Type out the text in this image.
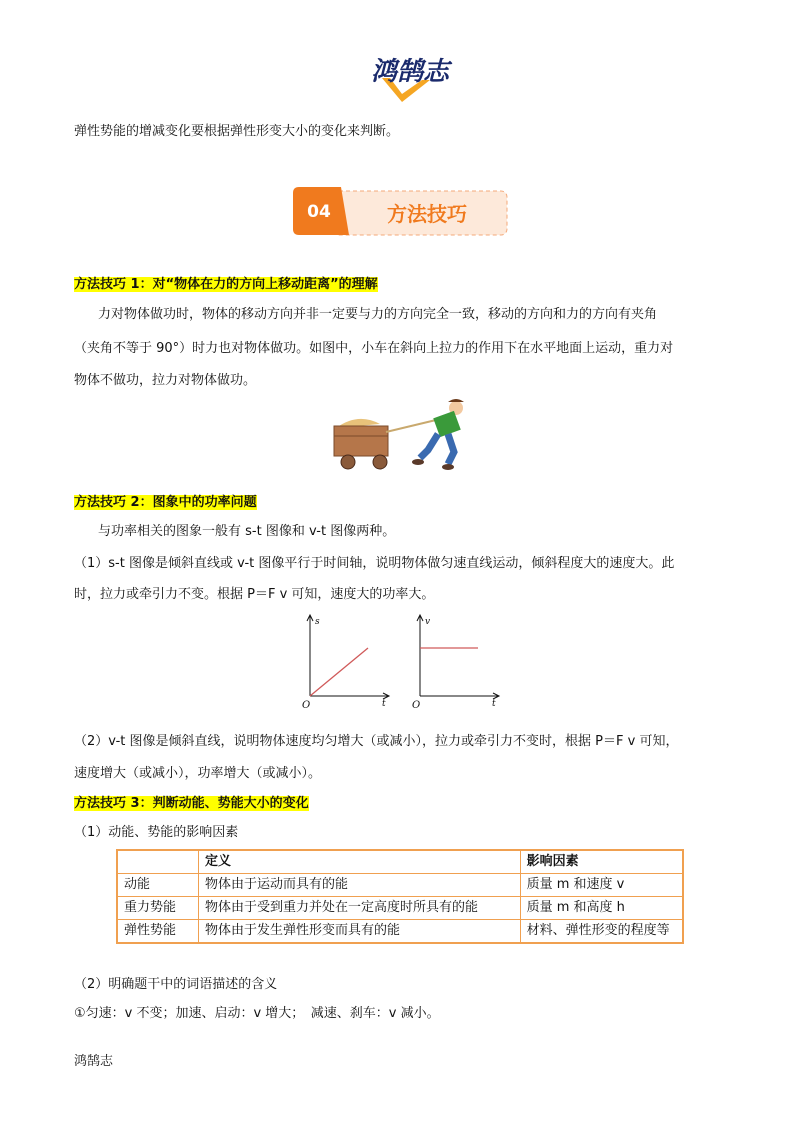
鸿鹄志
弹性势能的增减变化要根据弹性形变大小的变化来判断。
04	方法技巧
方法技巧 1：对“物体在力的方向上移动距离”的理解
力对物体做功时，物体的移动方向并非一定要与力的方向完全一致，移动的方向和力的方向有夹角
（夹角不等于 90°）时力也对物体做功。如图中，小车在斜向上拉力的作用下在水平地面上运动，重力对
物体不做功，拉力对物体做功。
方法技巧 2：图象中的功率问题
与功率相关的图象一般有 s-t 图像和 v-t 图像两种。
（1）s-t 图像是倾斜直线或 v-t 图像平行于时间轴，说明物体做匀速直线运动，倾斜程度大的速度大。此
时，拉力或牵引力不变。根据 P＝F v 可知，速度大的功率大。
s
t
O
v
t
O
（2）v-t 图像是倾斜直线，说明物体速度均匀增大（或减小），拉力或牵引力不变时，根据 P＝F v 可知，
速度增大（或减小），功率增大（或减小）。
方法技巧 3：判断动能、势能大小的变化
（1）动能、势能的影响因素
	定义	影响因素
动能	物体由于运动而具有的能	质量 m 和速度 v
重力势能	物体由于受到重力并处在一定高度时所具有的能	质量 m 和高度 h
弹性势能	物体由于发生弹性形变而具有的能	材料、弹性形变的程度等
（2）明确题干中的词语描述的含义
①匀速：v 不变；加速、启动：v 增大；　减速、刹车：v 减小。
鸿鹄志
